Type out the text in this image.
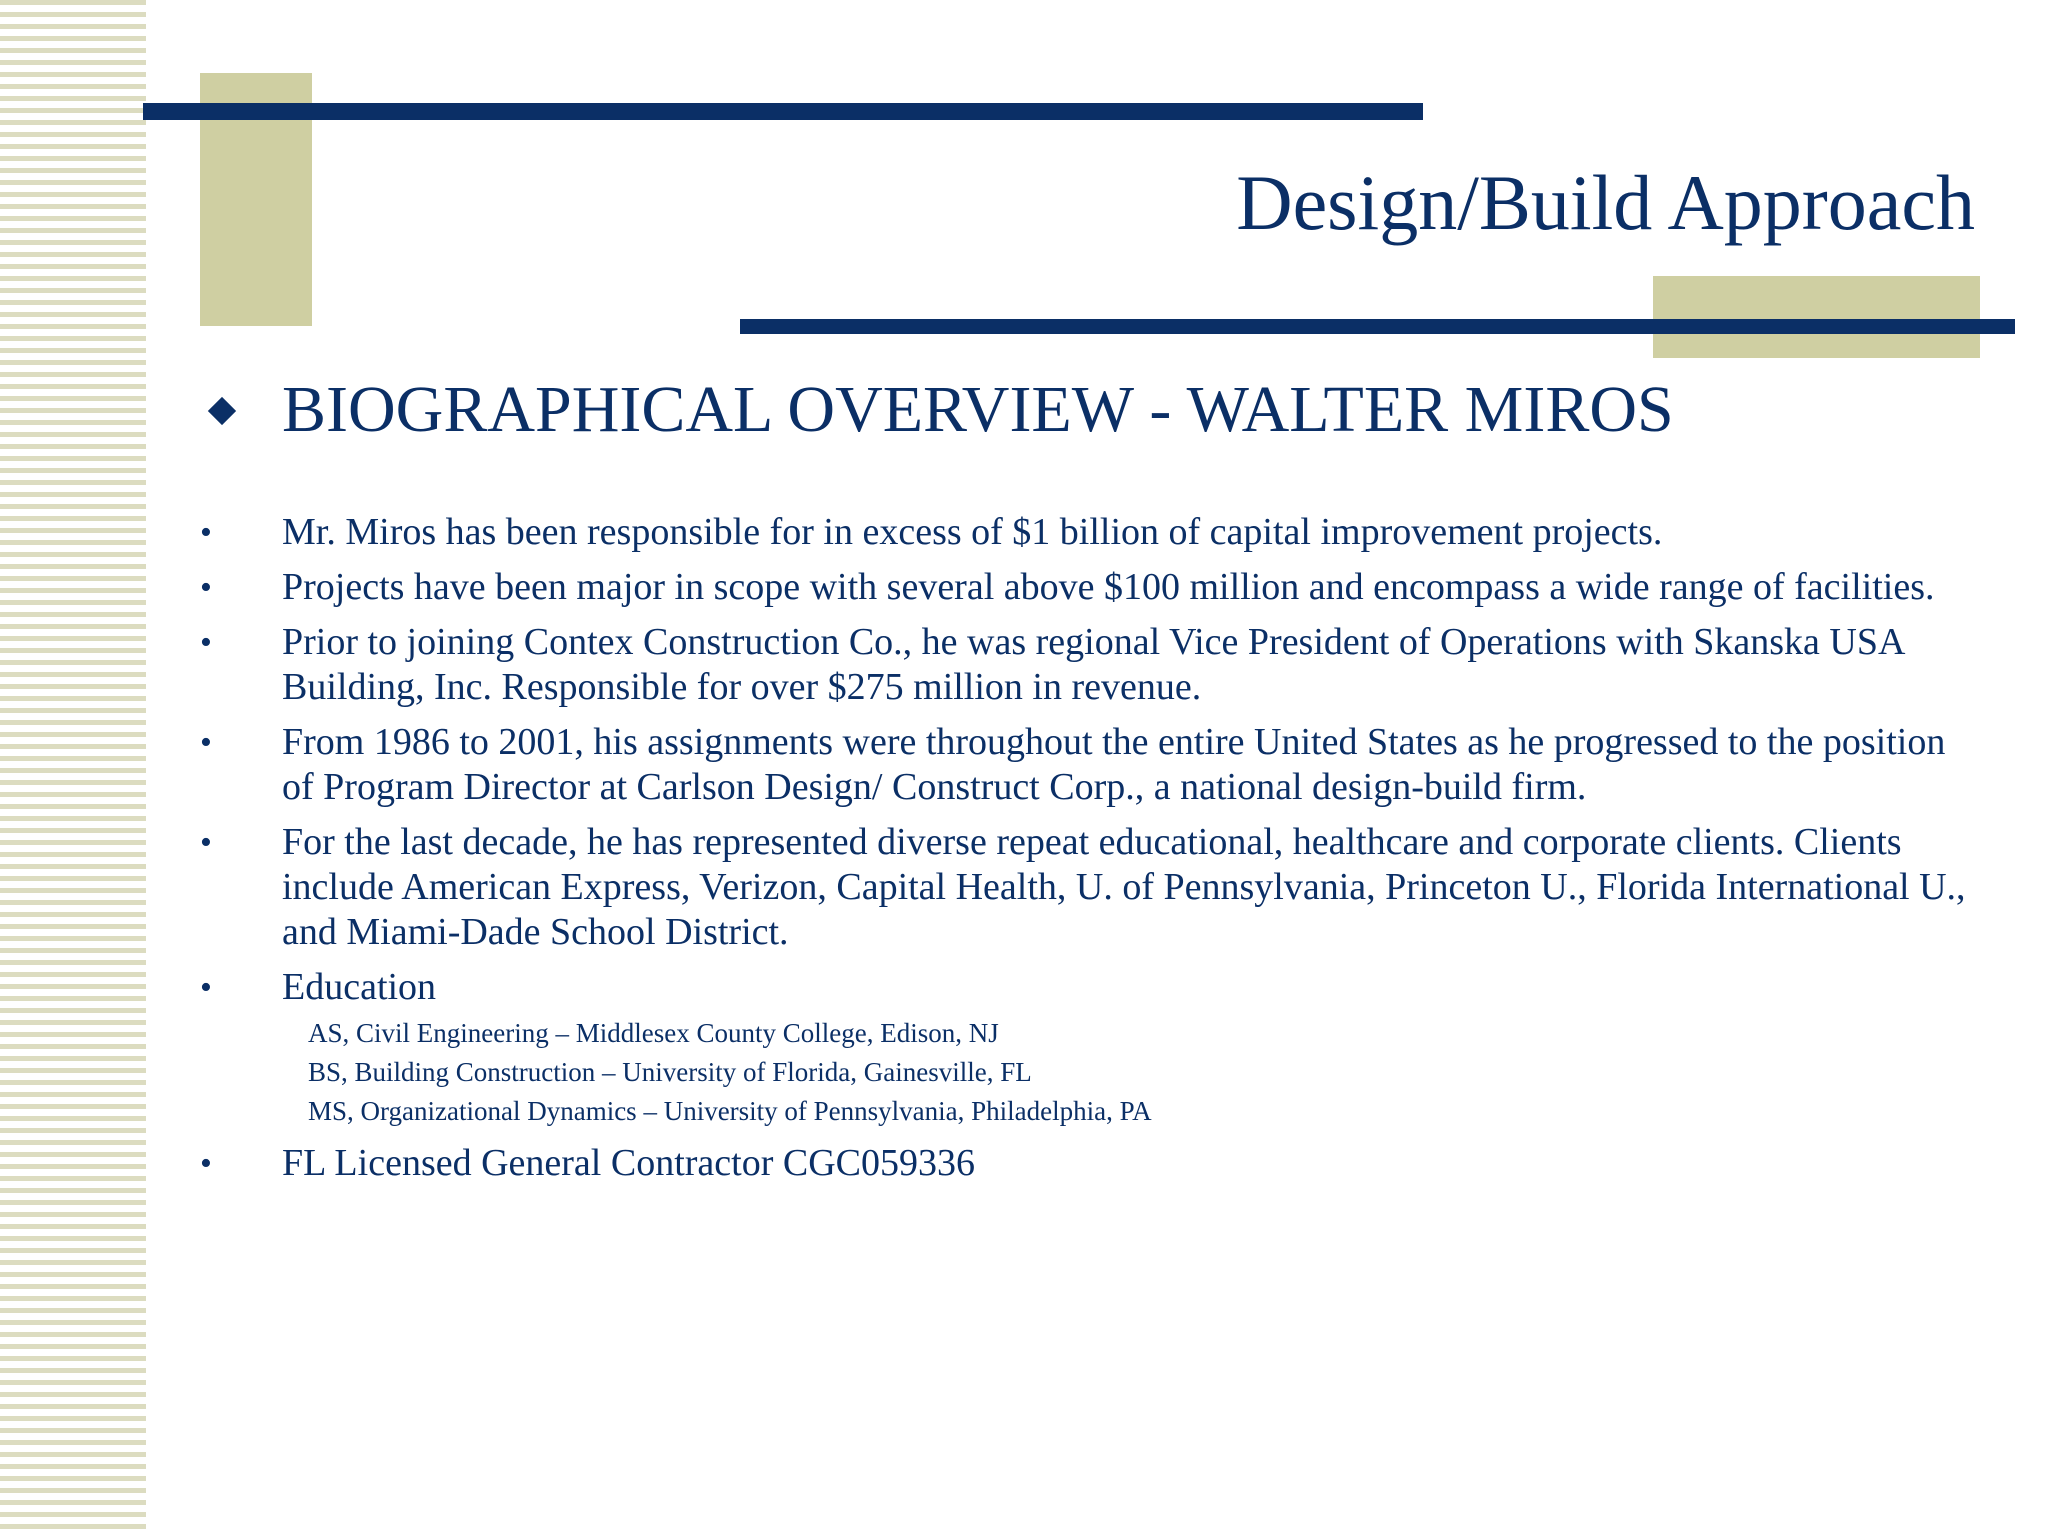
Design/Build Approach
BIOGRAPHICAL OVERVIEW - WALTER MIROS
•	Mr. Miros has been responsible for in excess of $1 billion of capital improvement projects.
•	Projects have been major in scope with several above $100 million and encompass a wide range of facilities.
•	Prior to joining Contex Construction Co., he was regional Vice President of Operations with Skanska USA Building, Inc. Responsible for over $275 million in revenue.
•	From 1986 to 2001, his assignments were throughout the entire United States as he progressed to the position of Program Director at Carlson Design/ Construct Corp., a national design-build firm.
•	For the last decade, he has represented diverse repeat educational, healthcare and corporate clients. Clients include American Express, Verizon, Capital Health, U. of Pennsylvania, Princeton U., Florida International U., and Miami-Dade School District.
•	Education
AS, Civil Engineering – Middlesex County College, Edison, NJ
BS, Building Construction – University of Florida, Gainesville, FL
MS, Organizational Dynamics – University of Pennsylvania, Philadelphia, PA
•	FL Licensed General Contractor CGC059336
